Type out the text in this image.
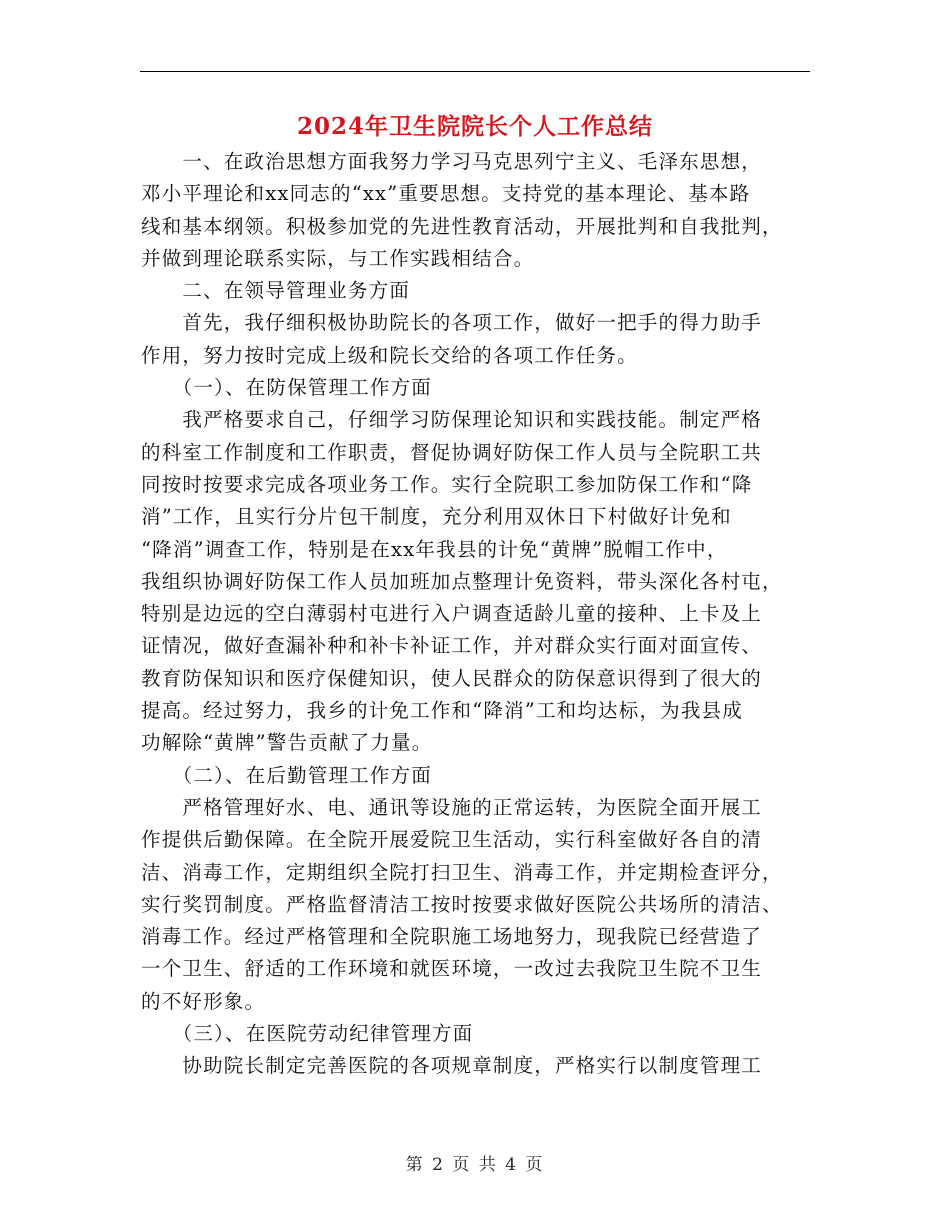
2024年卫生院院长个人工作总结
　　一、在政治思想方面我努力学习马克思列宁主义、毛泽东思想，
邓小平理论和xx同志的“xx”重要思想。支持党的基本理论、基本路
线和基本纲领。积极参加党的先进性教育活动，开展批判和自我批判，
并做到理论联系实际，与工作实践相结合。
　　二、在领导管理业务方面
　　首先，我仔细积极协助院长的各项工作，做好一把手的得力助手
作用，努力按时完成上级和院长交给的各项工作任务。
　　（一）、在防保管理工作方面
　　我严格要求自己，仔细学习防保理论知识和实践技能。制定严格
的科室工作制度和工作职责，督促协调好防保工作人员与全院职工共
同按时按要求完成各项业务工作。实行全院职工参加防保工作和“降
消”工作，且实行分片包干制度，充分利用双休日下村做好计免和
“降消”调查工作，特别是在xx年我县的计免“黄牌”脱帽工作中，
我组织协调好防保工作人员加班加点整理计免资料，带头深化各村屯，
特别是边远的空白薄弱村屯进行入户调查适龄儿童的接种、上卡及上
证情况，做好查漏补种和补卡补证工作，并对群众实行面对面宣传、
教育防保知识和医疗保健知识，使人民群众的防保意识得到了很大的
提高。经过努力，我乡的计免工作和“降消”工和均达标，为我县成
功解除“黄牌”警告贡献了力量。
　　（二）、在后勤管理工作方面
　　严格管理好水、电、通讯等设施的正常运转，为医院全面开展工
作提供后勤保障。在全院开展爱院卫生活动，实行科室做好各自的清
洁、消毒工作，定期组织全院打扫卫生、消毒工作，并定期检查评分，
实行奖罚制度。严格监督清洁工按时按要求做好医院公共场所的清洁、
消毒工作。经过严格管理和全院职施工场地努力，现我院已经营造了
一个卫生、舒适的工作环境和就医环境，一改过去我院卫生院不卫生
的不好形象。
　　（三）、在医院劳动纪律管理方面
　　协助院长制定完善医院的各项规章制度，严格实行以制度管理工
第 2 页 共 4 页
